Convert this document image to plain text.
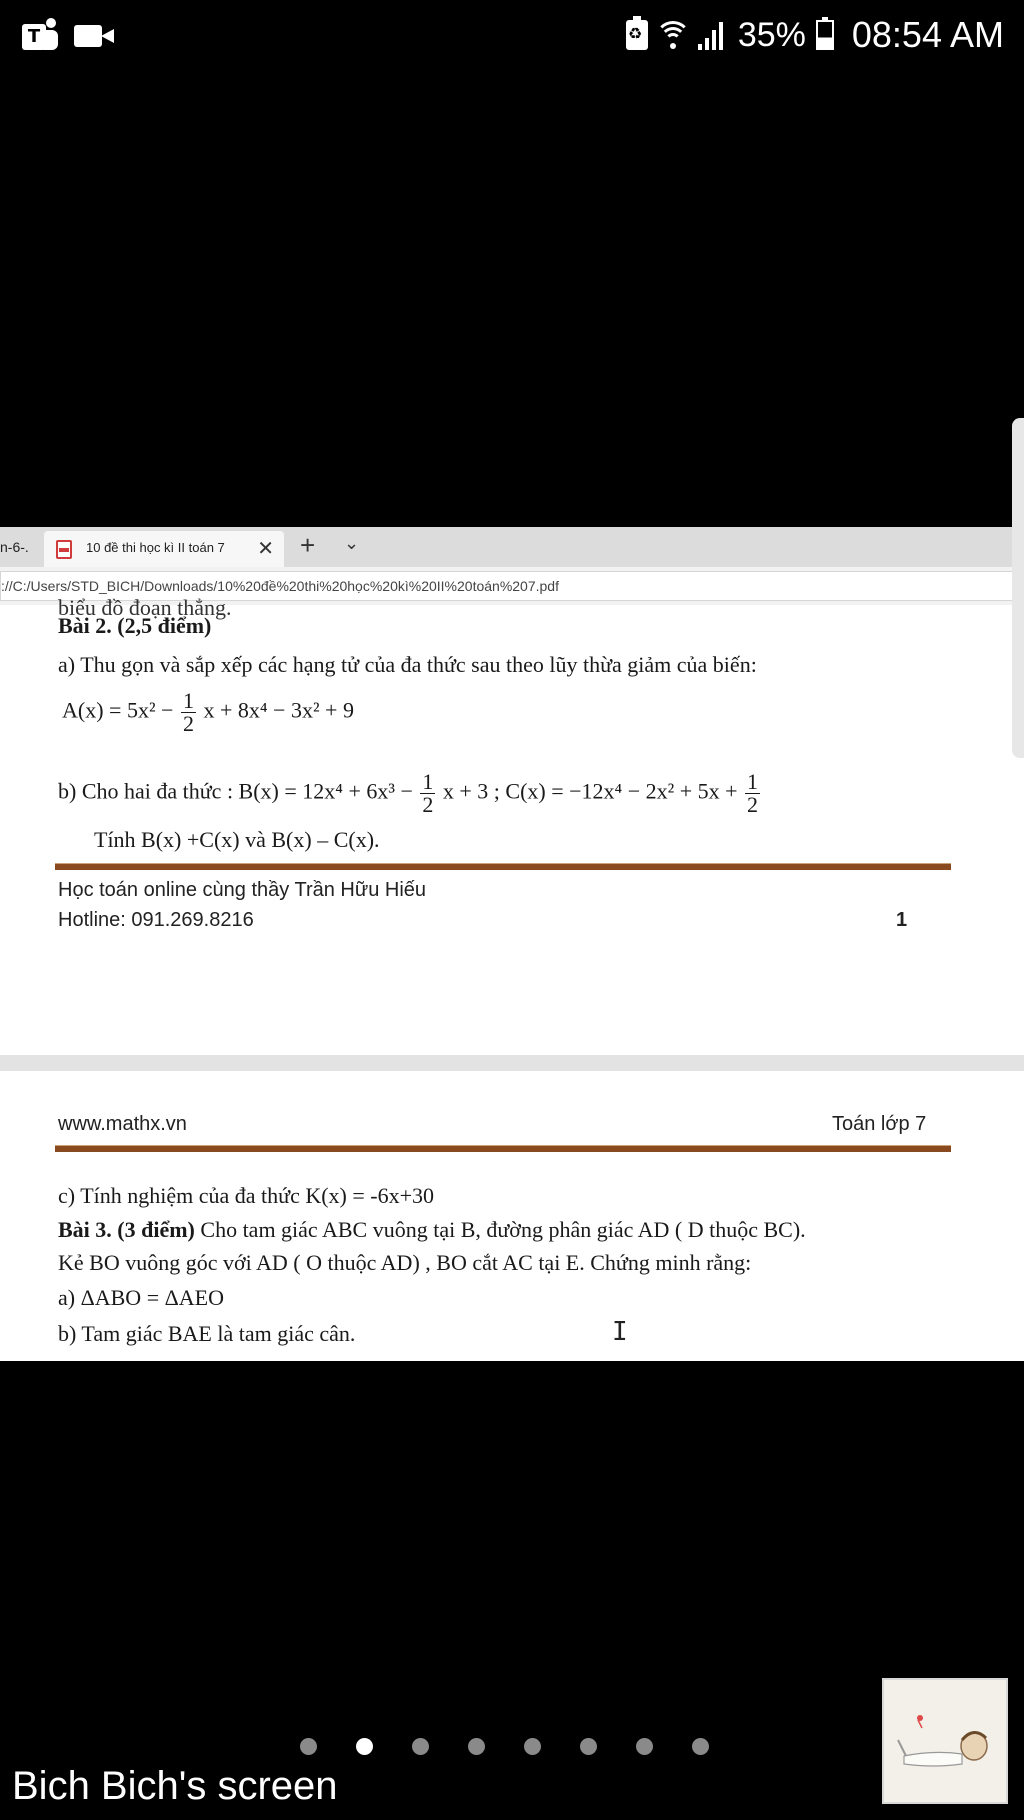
T
♻	35% 08:54 AM
n-6-.	10 đề thi học kì II toán 7	✕ + ⌄
://C:/Users/STD_BICH/Downloads/10%20đề%20thi%20học%20kì%20II%20toán%207.pdf
biểu đồ đoạn thẳng.
Bài 2. (2,5 điểm)
a) Thu gọn và sắp xếp các hạng tử của đa thức sau theo lũy thừa giảm của biến:
$A(x) = 5x^2 - \frac{1}{2}$ x + 8x⁴ − 3x² + 9
b) Cho hai đa thức : $B(x) = 12x^4 + 6x^3 - \frac{1}{2}$ x + 3 ; $C(x) = -12x^4 - 2x^2 + 5x + \frac{1}{2}$
Tính B(x) +C(x) và B(x) – C(x).
Học toán online cùng thầy Trần Hữu Hiếu
Hotline: 091.269.8216	1
www.mathx.vn	Toán lớp 7
c) Tính nghiệm của đa thức K(x) = -6x+30
Bài 3. (3 điểm) Cho tam giác ABC vuông tại B, đường phân giác AD ( D thuộc BC).
Kẻ BO vuông góc với AD ( O thuộc AD) , BO cắt AC tại E. Chứng minh rằng:
a) ΔABO = ΔAEO
b) Tam giác BAE là tam giác cân.	I
Bich Bich's screen
